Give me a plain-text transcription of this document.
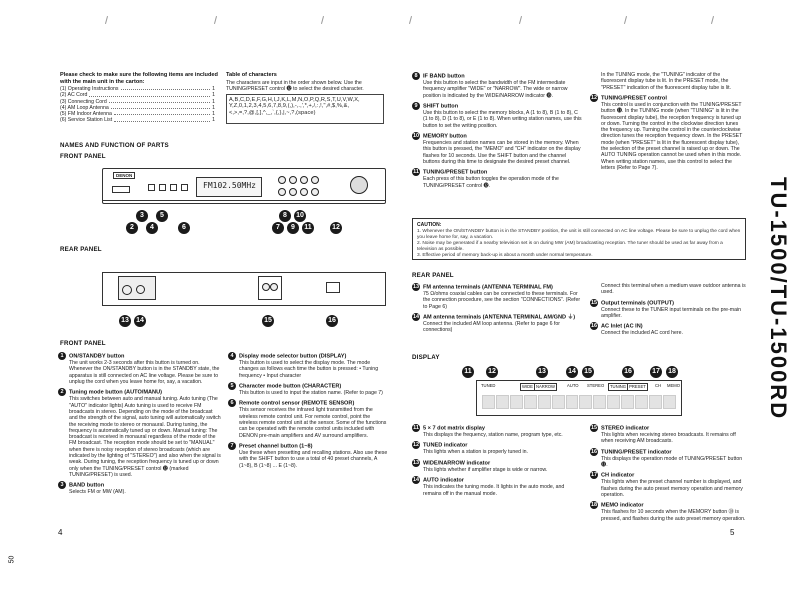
Please check to make sure the following items are included with the main unit in the carton:
(1) Operating Instructions	1
(2) AC Cord	1
(3) Connecting Cord	1
(4) AM Loop Antenna	1
(5) FM Indoor Antenna	1
(6) Service Station List	1
Table of characters
The characters are input in the order shown below. Use the TUNING/PRESET control ⓬ to select the desired character.
A,B,C,D,E,F,G,H,I,J,K,L,M,N,O,P,Q,R,S,T,U,V,W,X,
Y,Z,0,1,2,3,4,5,6,7,8,9,(,),-,.,',*,+,/,:,!,",#,$,%,&,
<,>,=,?,@,[,],^,_,`,{,},|,~,?,(space)
NAMES AND FUNCTION OF PARTS
FRONT PANEL
DENON
FM102.50MHz
3	5
2	4	6
8	10
7	9	11	12
REAR PANEL
13	14	15	16
FRONT PANEL
1 ON/STANDBY button
The unit works 2-3 seconds after this button is turned on. Whenever the ON/STANDBY button is in the STANDBY state, the apparatus is still connected on AC line voltage. Please be sure to unplug the cord when you leave home for, say, a vacation.
2 Tuning mode button (AUTO/MANU)
This switches between auto and manual tuning. Auto tuning (The "AUTO" indicator lights) Auto tuning is used to receive FM broadcasts in stereo. Depending on the mode of the broadcast and the strength of the signal, auto tuning will automatically switch the receiving mode to stereo or monaural. During tuning, the frequency is automatically tuned up or down. Manual tuning: The broadcast is received in monaural regardless of the mode of the FM broadcast. The reception mode should be set to "MANUAL" when there is noisy reception of stereo broadcasts (which are indicated by the lighting of "STEREO") and also when the signal is weak. During tuning, the reception frequency is tuned up or down only when the TUNING/PRESET control ⓬ (marked TUNING/PRESET) is used.
3 BAND button
Selects FM or MW (AM).
4 Display mode selector button (DISPLAY)
This button is used to select the display mode. The mode changes as follows each time the button is pressed: • Tuning frequency • Input character
5 Character mode button (CHARACTER)
This button is used to input the station name. (Refer to page 7)
6 Remote control sensor (REMOTE SENSOR)
This sensor receives the infrared light transmitted from the wireless remote control unit. For remote control, point the wireless remote control unit at the sensor. Some of the functions can be operated with the remote control units included with DENON pre-main amplifiers and AV surround amplifiers.
7 Preset channel button (1~8)
Use these when presetting and recalling stations. Also use these with the SHIFT button to use a total of 40 preset channels, A (1~8), B (1~8) ... E (1~8).
4
50
8 IF BAND button
Use this button to select the bandwidth of the FM intermediate frequency amplifier "WIDE" or "NARROW". The wide or narrow position is indicated by the WIDE/NARROW indicator ⓭.
9 SHIFT button
Use this button to select the memory blocks, A (1 to 8), B (1 to 8), C (1 to 8), D (1 to 8), or E (1 to 8). When writing station names, use this button to set the writing position.
10 MEMORY button
Frequencies and station names can be stored in the memory. When this button is pressed, the "MEMO" and "CH" indicator on the display flashes for 10 seconds. Use the SHIFT button and the channel buttons during this time to designate the desired preset channel.
11 TUNING/PRESET button
Each press of this button toggles the operation mode of the TUNING/PRESET control ⓬.
In the TUNING mode, the "TUNING" indicator of the fluorescent display tube is lit. In the PRESET mode, the "PRESET" indication of the fluorescent display tube is lit.
12 TUNING/PRESET control
This control is used in conjunction with the TUNING/PRESET button ⓫. In the TUNING mode (when "TUNING" is lit in the fluorescent display tube), the reception frequency is tuned up or down. Turning the control in the clockwise direction tunes the frequency up. Turning the control in the counterclockwise direction tunes the reception frequency down. In the PRESET mode (when "PRESET" is lit in the fluorescent display tube), the selection of the preset channel is raised up or down. The AUTO TUNING operation cannot be used when in this mode. When writing station names, use this control to select the letters (Refer to Page 7).
CAUTION:
1. Whenever the ON/STANDBY button is in the STANDBY position, the unit is still connected on AC line voltage. Please be sure to unplug the cord when you leave home for, say, a vacation.
2. Noise may be generated if a nearby television set is on during MW (AM) broadcasting reception. The tuner should be used as far away from a television as possible.
3. Effective period of memory back-up is about a month under normal temperature.
REAR PANEL
13 FM antenna terminals (ANTENNA TERMINAL FM)
75 Ω/ohms coaxial cables can be connected to these terminals. For the connection procedure, see the section "CONNECTIONS". (Refer to Page 6)
14 AM antenna terminals (ANTENNA TERMINAL AM/GND ⏚)
Connect the included AM loop antenna. (Refer to page 6 for connections)
Connect this terminal when a medium wave outdoor antenna is used.
15 Output terminals (OUTPUT)
Connect these to the TUNER input terminals on the pre-main amplifier.
16 AC Inlet (AC IN)
Connect the included AC cord here.
DISPLAY
11	12	13	14	15	16	17	18
TUNED	WIDE NARROW	AUTO STEREO TUNING PRESET CH MEMO
11 5 × 7 dot matrix display
This displays the frequency, station name, program type, etc.
12 TUNED indicator
This lights when a station is properly tuned in.
13 WIDE/NARROW indicator
This lights whether if amplifier stage is wide or narrow.
14 AUTO indicator
This indicates the tuning mode. It lights in the auto mode, and remains off in the manual mode.
15 STEREO indicator
This lights when receiving stereo broadcasts. It remains off when receiving AM broadcasts.
16 TUNING/PRESET indicator
This displays the operation mode of TUNING/PRESET button ⓫.
17 CH indicator
This lights when the preset channel number is displayed, and flashes during the auto preset memory operation and memory operation.
18 MEMO indicator
This flashes for 10 seconds when the MEMORY button ⓾ is pressed, and flashes during the auto preset memory operation.
5
TU-1500/TU-1500RD
